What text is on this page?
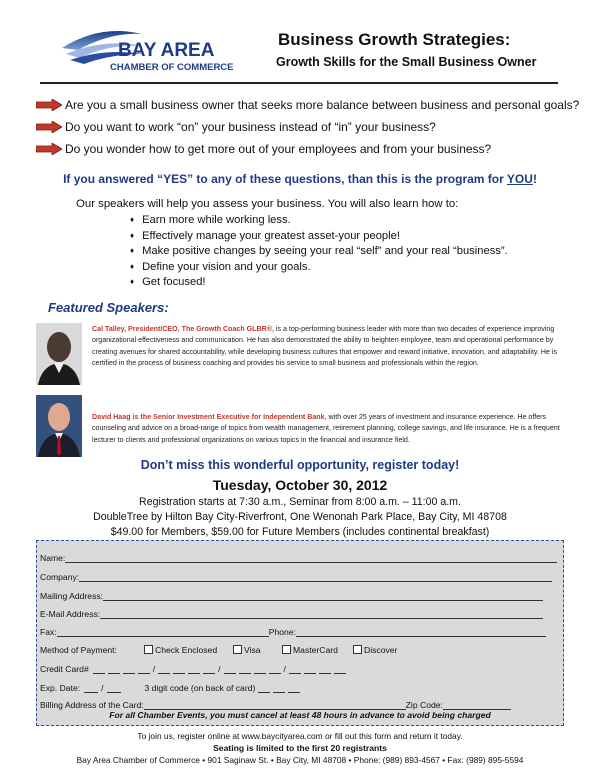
BAY AREA
CHAMBER OF COMMERCE
Business Growth Strategies:
Growth Skills for the Small Business Owner
Are you a small business owner that seeks more balance between business and personal goals?
Do you want to work “on” your business instead of “in” your business?
Do you wonder how to get more out of your employees and from your business?
If you answered “YES” to any of these questions, than this is the program for YOU!
Our speakers will help you assess your business. You will also learn how to:
♦ Earn more while working less.
♦ Effectively manage your greatest asset-your people!
♦ Make positive changes by seeing your real “self” and your real “business”.
♦ Define your vision and your goals.
♦ Get focused!
Featured Speakers:
Cal Talley, President/CEO, The Growth Coach GLBR®, is a top-performing business leader with more than two decades of experience improving organizational effectiveness and communication. He has also demonstrated the ability to heighten employee, team and operational performance by creating avenues for shared accountability, while developing business cultures that empower and reward initiative, innovation, and adaptability. He is certified in the process of business coaching and provides his service to small business and professionals within the region.
David Haag is the Senior Investment Executive for Independent Bank, with over 25 years of investment and insurance experience. He offers counseling and advice on a broad-range of topics from wealth management, retirement planning, college savings, and life insurance. He is a frequent lecturer to clients and professional organizations on various topics in the financial and insurance field.
Don’t miss this wonderful opportunity, register today!
Tuesday, October 30, 2012
Registration starts at 7:30 a.m., Seminar from 8:00 a.m. – 11:00 a.m.
DoubleTree by Hilton Bay City-Riverfront, One Wenonah Park Place, Bay City, MI 48708
$49.00 for Members, $59.00 for Future Members (includes continental breakfast)
Name:
Company:
Mailing Address:
E-Mail Address:
Fax:	Phone:
Method of Payment:	Check Enclosed	Visa	MasterCard	Discover
Credit Card#	/	/	/
Exp. Date: /	3 digit code (on back of card)
Billing Address of the Card:	Zip Code:
For all Chamber Events, you must cancel at least 48 hours in advance to avoid being charged
To join us, register online at www.baycityarea.com or fill out this form and return it today.
Seating is limited to the first 20 registrants
Bay Area Chamber of Commerce • 901 Saginaw St. • Bay City, MI 48708 • Phone: (989) 893-4567 • Fax: (989) 895-5594
